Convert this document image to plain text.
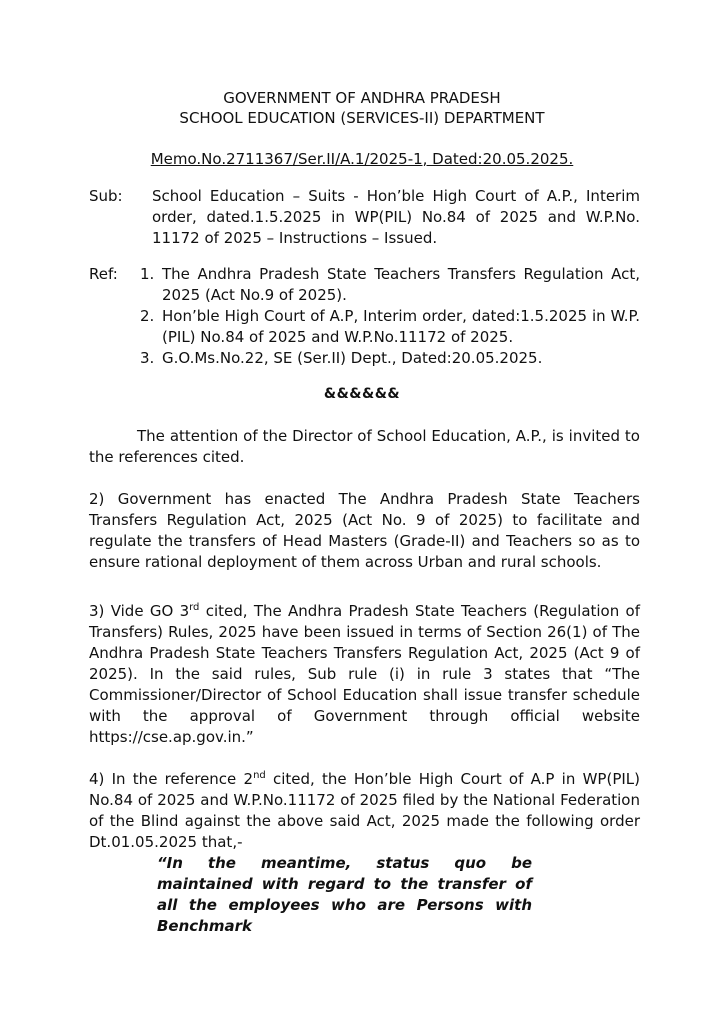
GOVERNMENT OF ANDHRA PRADESH
SCHOOL EDUCATION (SERVICES-II) DEPARTMENT
Memo.No.2711367/Ser.II/A.1/2025-1, Dated:20.05.2025.
Sub: School Education – Suits - Hon’ble High Court of A.P., Interim order, dated.1.5.2025 in WP(PIL) No.84 of 2025 and W.P.No. 11172 of 2025 – Instructions – Issued.
Ref: 1. The Andhra Pradesh State Teachers Transfers Regulation Act, 2025 (Act No.9 of 2025).
2. Hon’ble High Court of A.P, Interim order, dated:1.5.2025 in W.P.(PIL) No.84 of 2025 and W.P.No.11172 of 2025.
3. G.O.Ms.No.22, SE (Ser.II) Dept., Dated:20.05.2025.
&&&&&&

The attention of the Director of School Education, A.P., is invited to the references cited.

2) Government has enacted The Andhra Pradesh State Teachers Transfers Regulation Act, 2025 (Act No. 9 of 2025) to facilitate and regulate the transfers of Head Masters (Grade-II) and Teachers so as to ensure rational deployment of them across Urban and rural schools.

3) Vide GO 3rd cited, The Andhra Pradesh State Teachers (Regulation of Transfers) Rules, 2025 have been issued in terms of Section 26(1) of The Andhra Pradesh State Teachers Transfers Regulation Act, 2025 (Act 9 of 2025). In the said rules, Sub rule (i) in rule 3 states that “The Commissioner/Director of School Education shall issue transfer schedule with the approval of Government through official website https://cse.ap.gov.in.”

4) In the reference 2nd cited, the Hon’ble High Court of A.P in WP(PIL) No.84 of 2025 and W.P.No.11172 of 2025 filed by the National Federation of the Blind against the above said Act, 2025 made the following order Dt.01.05.2025 that,-

“In the meantime, status quo be maintained with regard to the transfer of all the employees who are Persons with Benchmark
